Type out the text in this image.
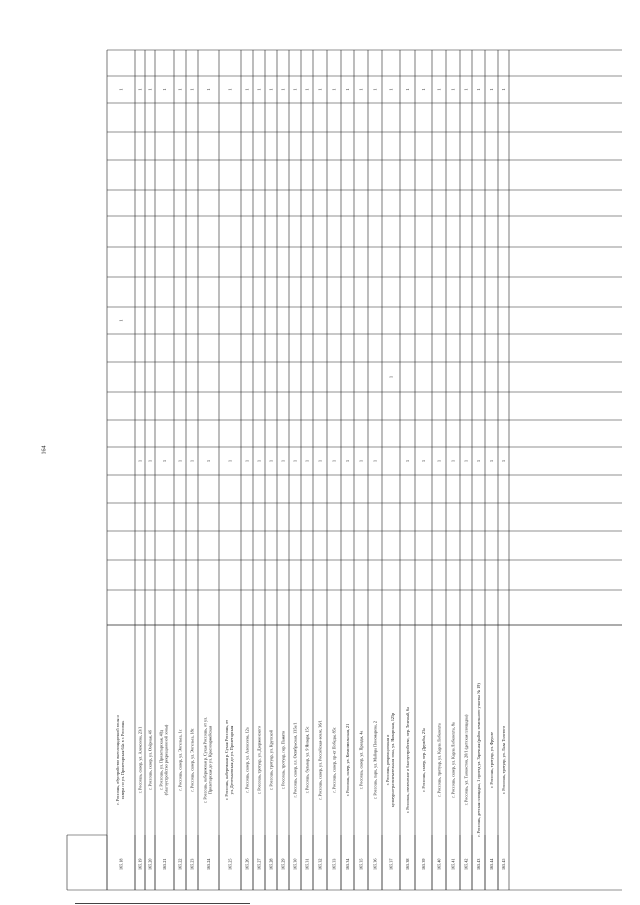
164
165.18
г. Россошь, обустройство внеплощадочной зоны исквера по ул. Пролетарская 64а в г. Россошь
1
1
165.19
г. Россошь, сквер, ул. Алексеева, 23/1
1
1
165.20
г. Россошь, сквер, ул. Озёрная, 4б
1
1
165.21
г. Россошь, ул. Пролетарская, 40д(благоустройство рекреационной зоны)
1
1
165.22
г. Россошь, сквер, ул. Энгельса, 1с
1
1
165.23
г. Россошь, сквер, ул. Энгельса, 18с
1
1
165.24
г. Россошь, набережная р. Сухая Россошь, от ул.Пролетарская до ул. Красноармейская
1
1
165.25
г. Россошь, набережная р. Сухая Россошь, отул. Деготьковская до ул. Пролетарская
1
1
165.26
г. Россошь, сквер, ул. Алексеева, 12а
1
1
165.27
г. Россошь, тротуар, ул. Дзержинского
1
1
165.28
г. Россошь, тротуар, ул. Крупской
1
1
165.29
г. Россошь, тротуар, пер. Памяти
1
1
165.30
г. Россошь, сквер, пл. Октябрьская, 135а/1
1
1
165.31
г. Россошь, бульвар, ул. 9 Января, 15с
1
1
165.32
г. Россошь, сквер, ул. Российская-возле, 36/1
1
1
165.33
г. Россошь, сквер, пр-кт Победы, 85с
1
1
165.34
г. Россошь, сквер, ул. Комсомольская, 21
1
1
165.35
г. Россошь, сквер, ул. Правды, 4а
1
1
165.36
г. Россошь, парк, ул. Майора Пономарева, 2
1
1
165.37
г. Россошь, рекреационная икультурно-развлекательная зона, ул. Январская, 125р
1
1
165.38
г. Россошь, озеленение и благоустройство, пер. Зеленый, 6а
1
1
165.39
г. Россошь, сквер, пер. Дружбы, 23а
1
1
165.40
г. Россошь, тротуар, ул. Карла Либкнехта
1
1
165.41
г. Россошь, сквер, ул. Карла Либкнехта, 8а
1
1
165.42
г. Россошь, ул. Танкистов, 20/1 (детская площадка)
1
1
165.43
г. Россошь, детская площадка, 1 проезд ул. Заречная (район земельного участка № 19)
1
1
165.44
г. Россошь, тротуар, ул. Фрунзе
1
1
165.45
г. Россошь, тротуар, ул. Льва Толстого
1
1
